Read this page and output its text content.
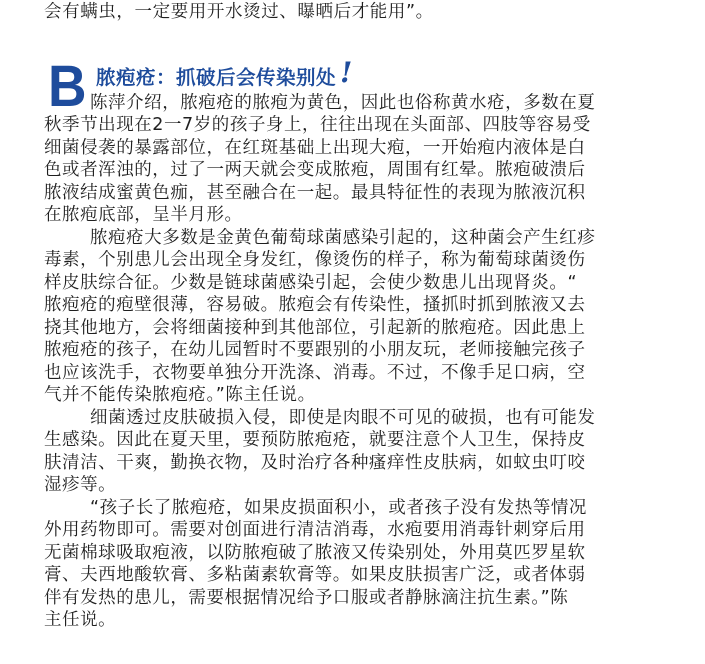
会有螨虫，一定要用开水烫过、曝晒后才能用”。
B 脓疱疮：抓破后会传染别处 !
陈萍介绍，脓疱疮的脓疱为黄色，因此也俗称黄水疮，多数在夏
秋季节出现在2一7岁的孩子身上，往往出现在头面部、四肢等容易受
细菌侵袭的暴露部位，在红斑基础上出现大疱，一开始疱内液体是白
色或者浑浊的，过了一两天就会变成脓疱，周围有红晕。脓疱破溃后
脓液结成蜜黄色痂，甚至融合在一起。最具特征性的表现为脓液沉积
在脓疱底部，呈半月形。
脓疱疮大多数是金黄色葡萄球菌感染引起的，这种菌会产生红疹
毒素，个别患儿会出现全身发红，像烫伤的样子，称为葡萄球菌烫伤
样皮肤综合征。少数是链球菌感染引起，会使少数患儿出现肾炎。“
脓疱疮的疱壁很薄，容易破。脓疱会有传染性，搔抓时抓到脓液又去
挠其他地方，会将细菌接种到其他部位，引起新的脓疱疮。因此患上
脓疱疮的孩子，在幼儿园暂时不要跟别的小朋友玩，老师接触完孩子
也应该洗手，衣物要单独分开洗涤、消毒。不过，不像手足口病，空
气并不能传染脓疱疮。”陈主任说。
细菌透过皮肤破损入侵，即使是肉眼不可见的破损，也有可能发
生感染。因此在夏天里，要预防脓疱疮，就要注意个人卫生，保持皮
肤清洁、干爽，勤换衣物，及时治疗各种瘙痒性皮肤病，如蚊虫叮咬
湿疹等。
“孩子长了脓疱疮，如果皮损面积小，或者孩子没有发热等情况
外用药物即可。需要对创面进行清洁消毒，水疱要用消毒针刺穿后用
无菌棉球吸取疱液，以防脓疱破了脓液又传染别处，外用莫匹罗星软
膏、夫西地酸软膏、多粘菌素软膏等。如果皮肤损害广泛，或者体弱
伴有发热的患儿，需要根据情况给予口服或者静脉滴注抗生素。”陈
主任说。
